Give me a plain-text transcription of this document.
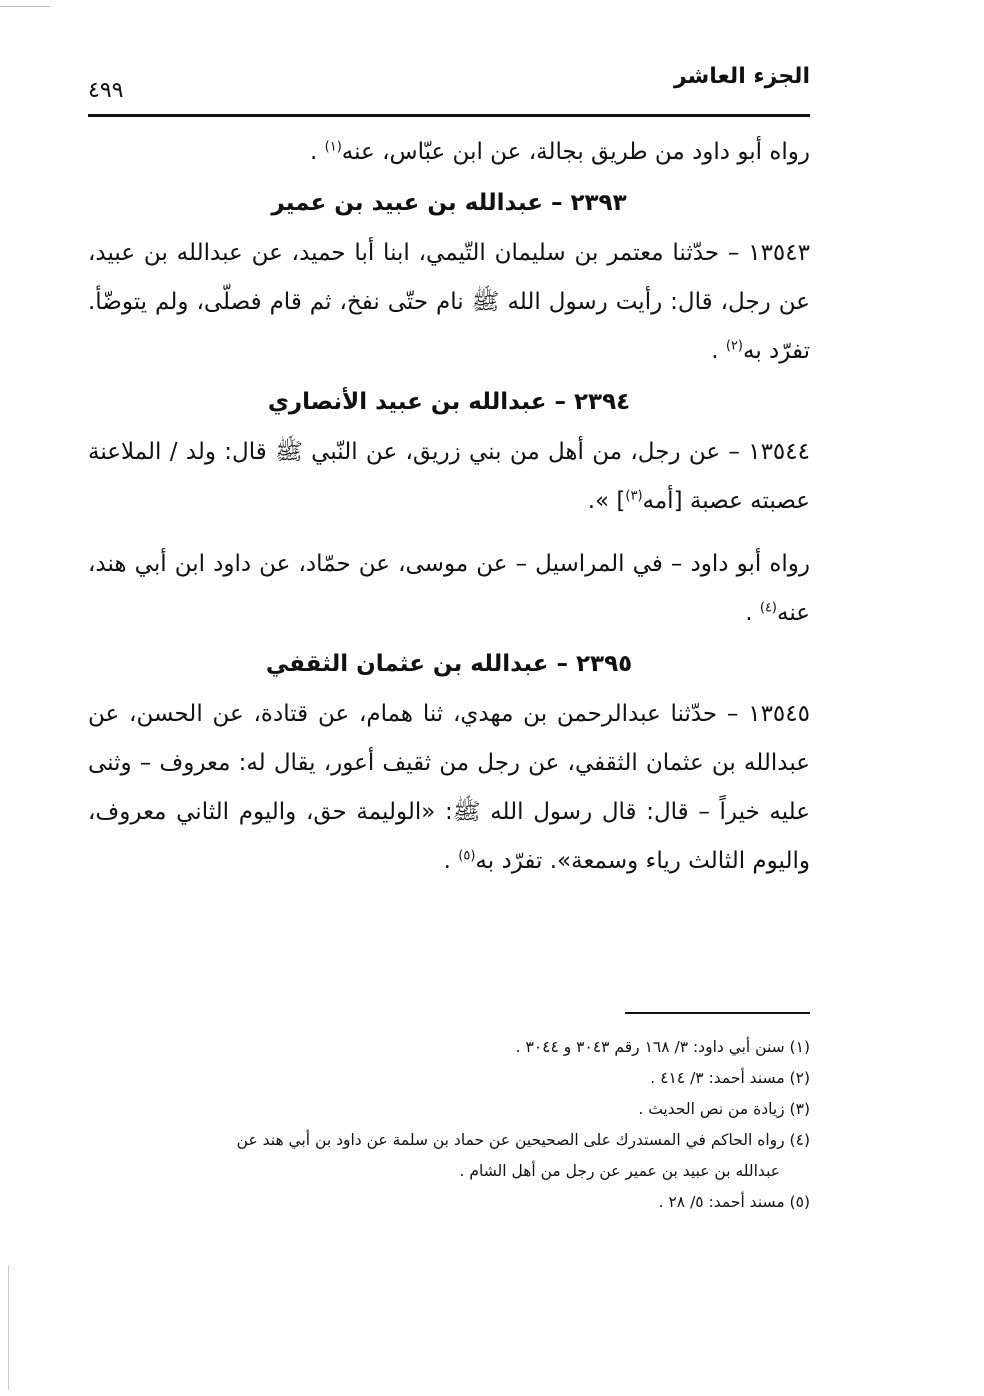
الجزء العاشر
٤٩٩

رواه أبو داود من طريق بجالة، عن ابن عبّاس، عنه$^{(١)}$ .

٢٣٩٣ – عبدالله بن عبيد بن عمير

١٣٥٤٣ – حدّثنا معتمر بن سليمان التّيمي، ابنا أبا حميد، عن عبدالله بن عبيد، عن رجل، قال: رأيت رسول الله ﷺ نام حتّى نفخ، ثم قام فصلّى، ولم يتوضّأ. تفرّد به$^{(٢)}$ .

٢٣٩٤ – عبدالله بن عبيد الأنصاري

١٣٥٤٤ – عن رجل، من أهل من بني زريق، عن النّبي ﷺ قال: ولد / الملاعنة عصبته عصبة [أمه$^{(٣)}$] ».

رواه أبو داود – في المراسيل – عن موسى، عن حمّاد، عن داود ابن أبي هند، عنه$^{(٤)}$ .

٢٣٩٥ – عبدالله بن عثمان الثقفي

١٣٥٤٥ – حدّثنا عبدالرحمن بن مهدي، ثنا همام، عن قتادة، عن الحسن، عن عبدالله بن عثمان الثقفي، عن رجل من ثقيف أعور، يقال له: معروف – وثنى عليه خيراً – قال: قال رسول الله ﷺ: «الوليمة حق، واليوم الثاني معروف، واليوم الثالث رياء وسمعة». تفرّد به$^{(٥)}$ .

(١) سنن أبي داود: ٣/ ١٦٨ رقم ٣٠٤٣ و ٣٠٤٤ .

(٢) مسند أحمد: ٣/ ٤١٤ .

(٣) زيادة من نص الحديث .

(٤) رواه الحاكم في المستدرك على الصحيحين عن حماد بن سلمة عن داود بن أبي هند عن

عبدالله بن عبيد بن عمير عن رجل من أهل الشام .

(٥) مسند أحمد: ٥/ ٢٨ .
